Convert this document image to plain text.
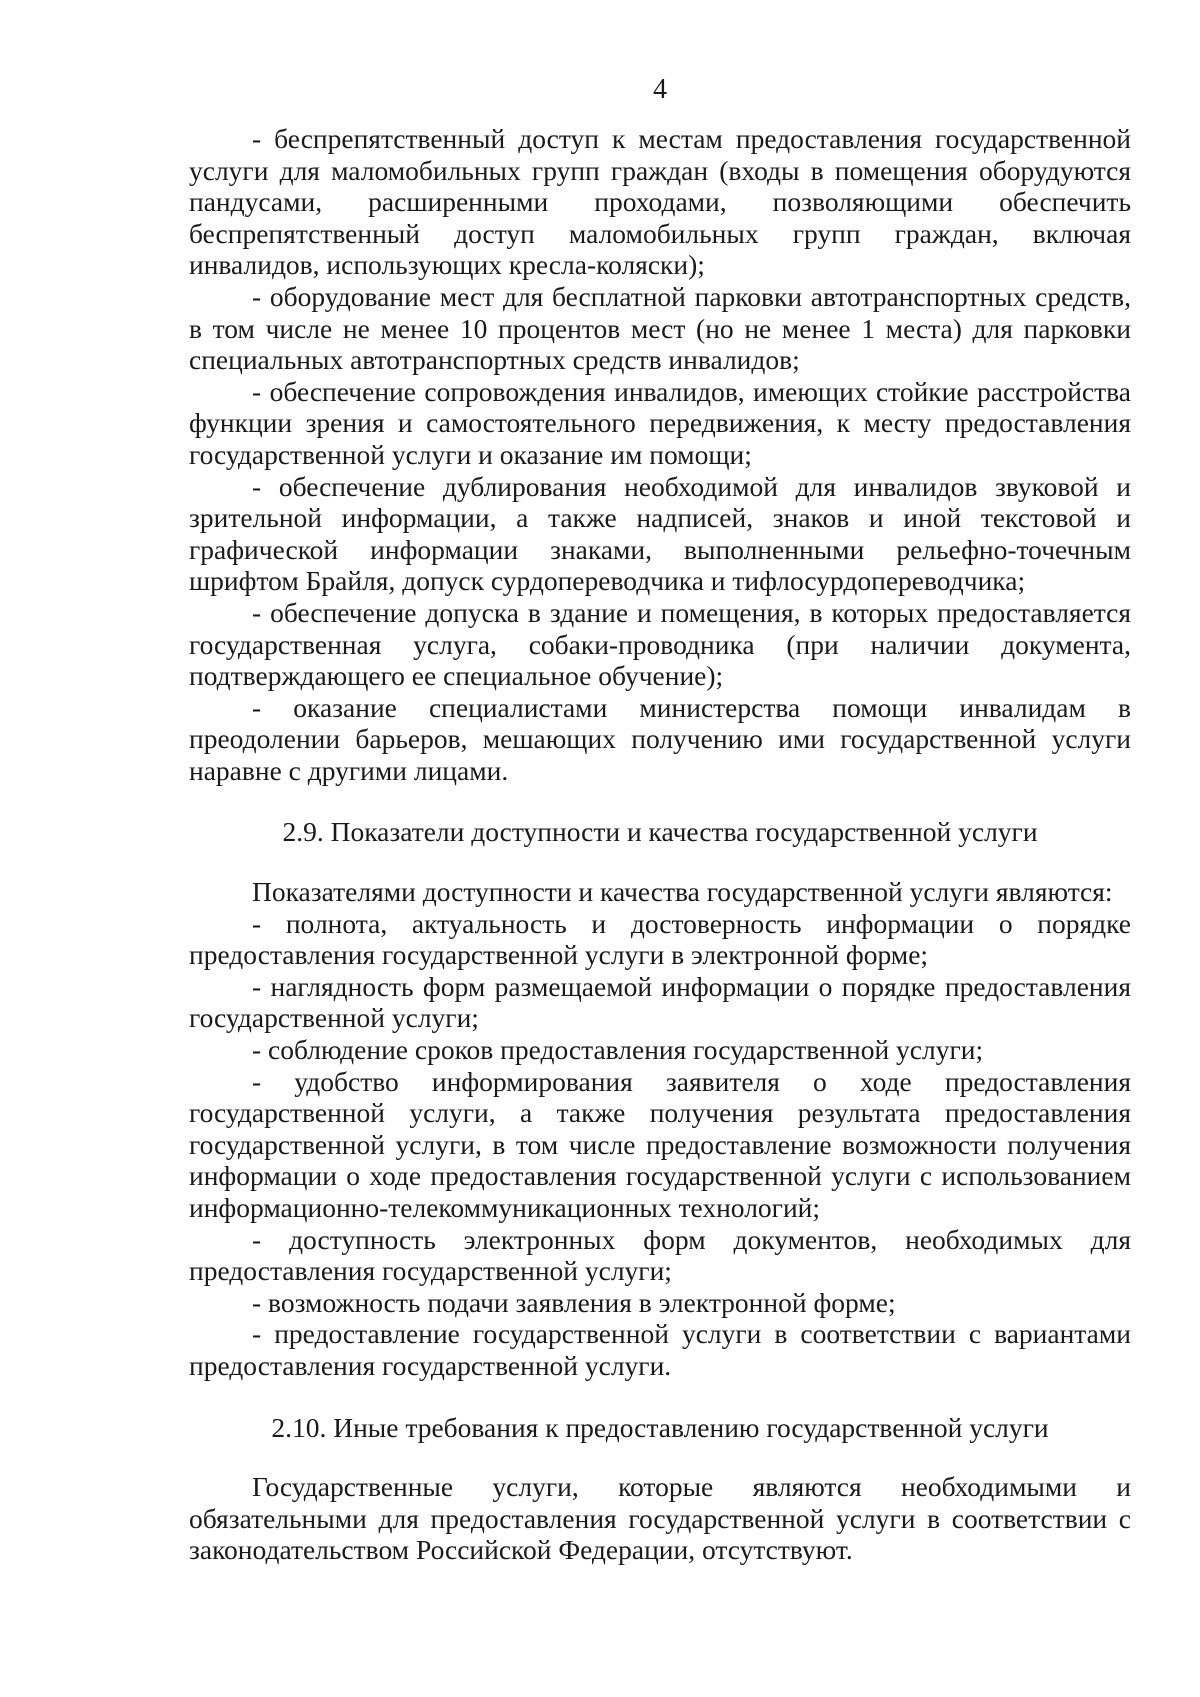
4

- беспрепятственный доступ к местам предоставления государственной услуги для маломобильных групп граждан (входы в помещения оборудуются пандусами, расширенными проходами, позволяющими обеспечить беспрепятственный доступ маломобильных групп граждан, включая инвалидов, использующих кресла-коляски);

- оборудование мест для бесплатной парковки автотранспортных средств, в том числе не менее 10 процентов мест (но не менее 1 места) для парковки специальных автотранспортных средств инвалидов;

- обеспечение сопровождения инвалидов, имеющих стойкие расстройства функции зрения и самостоятельного передвижения, к месту предоставления государственной услуги и оказание им помощи;

- обеспечение дублирования необходимой для инвалидов звуковой и зрительной информации, а также надписей, знаков и иной текстовой и графической информации знаками, выполненными рельефно-точечным шрифтом Брайля, допуск сурдопереводчика и тифлосурдопереводчика;

- обеспечение допуска в здание и помещения, в которых предоставляется государственная услуга, собаки-проводника (при наличии документа, подтверждающего ее специальное обучение);

- оказание специалистами министерства помощи инвалидам в преодолении барьеров, мешающих получению ими государственной услуги наравне с другими лицами.

2.9. Показатели доступности и качества государственной услуги

Показателями доступности и качества государственной услуги являются:

- полнота, актуальность и достоверность информации о порядке предоставления государственной услуги в электронной форме;

- наглядность форм размещаемой информации о порядке предоставления государственной услуги;

- соблюдение сроков предоставления государственной услуги;

- удобство информирования заявителя о ходе предоставления государственной услуги, а также получения результата предоставления государственной услуги, в том числе предоставление возможности получения информации о ходе предоставления государственной услуги с использованием информационно-телекоммуникационных технологий;

- доступность электронных форм документов, необходимых для предоставления государственной услуги;

- возможность подачи заявления в электронной форме;

- предоставление государственной услуги в соответствии с вариантами предоставления государственной услуги.

2.10. Иные требования к предоставлению государственной услуги

Государственные услуги, которые являются необходимыми и обязательными для предоставления государственной услуги в соответствии с законодательством Российской Федерации, отсутствуют.
